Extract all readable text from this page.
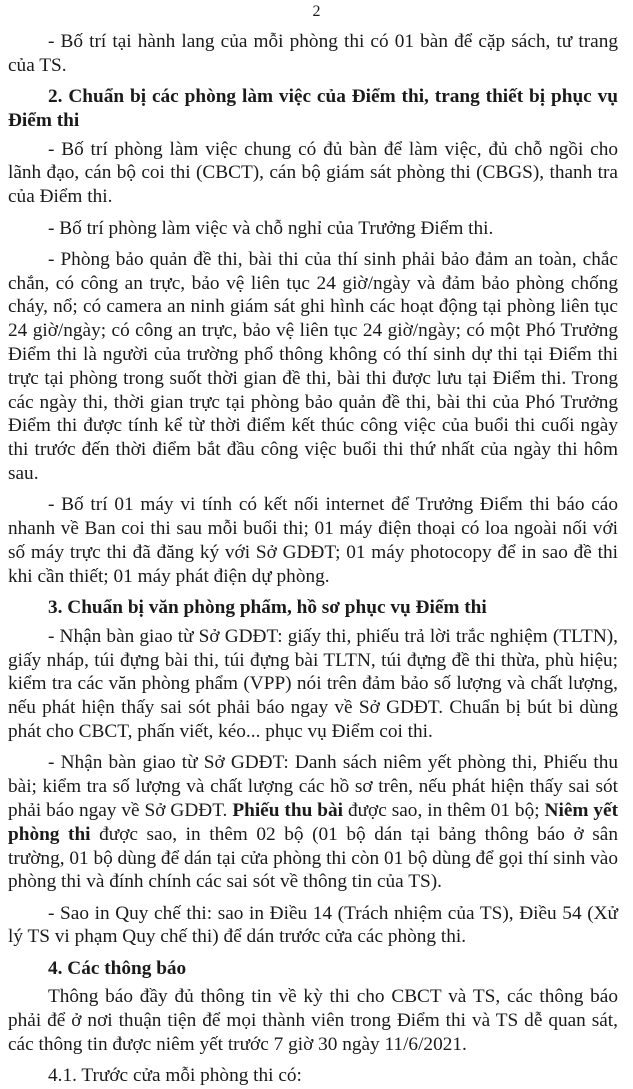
2

- Bố trí tại hành lang của mỗi phòng thi có 01 bàn để cặp sách, tư trang của TS.

2. Chuẩn bị các phòng làm việc của Điểm thi, trang thiết bị phục vụ Điểm thi

- Bố trí phòng làm việc chung có đủ bàn để làm việc, đủ chỗ ngồi cho lãnh đạo, cán bộ coi thi (CBCT), cán bộ giám sát phòng thi (CBGS), thanh tra của Điểm thi.

- Bố trí phòng làm việc và chỗ nghỉ của Trưởng Điểm thi.

- Phòng bảo quản đề thi, bài thi của thí sinh phải bảo đảm an toàn, chắc chắn, có công an trực, bảo vệ liên tục 24 giờ/ngày và đảm bảo phòng chống cháy, nổ; có camera an ninh giám sát ghi hình các hoạt động tại phòng liên tục 24 giờ/ngày; có công an trực, bảo vệ liên tục 24 giờ/ngày; có một Phó Trưởng Điểm thi là người của trường phổ thông không có thí sinh dự thi tại Điểm thi trực tại phòng trong suốt thời gian đề thi, bài thi được lưu tại Điểm thi. Trong các ngày thi, thời gian trực tại phòng bảo quản đề thi, bài thi của Phó Trưởng Điểm thi được tính kể từ thời điểm kết thúc công việc của buổi thi cuối ngày thi trước đến thời điểm bắt đầu công việc buổi thi thứ nhất của ngày thi hôm sau.

- Bố trí 01 máy vi tính có kết nối internet để Trưởng Điểm thi báo cáo nhanh về Ban coi thi sau mỗi buổi thi; 01 máy điện thoại có loa ngoài nối với số máy trực thi đã đăng ký với Sở GDĐT; 01 máy photocopy để in sao đề thi khi cần thiết; 01 máy phát điện dự phòng.

3. Chuẩn bị văn phòng phẩm, hồ sơ phục vụ Điểm thi

- Nhận bàn giao từ Sở GDĐT: giấy thi, phiếu trả lời trắc nghiệm (TLTN), giấy nháp, túi đựng bài thi, túi đựng bài TLTN, túi đựng đề thi thừa, phù hiệu; kiểm tra các văn phòng phẩm (VPP) nói trên đảm bảo số lượng và chất lượng, nếu phát hiện thấy sai sót phải báo ngay về Sở GDĐT. Chuẩn bị bút bi dùng phát cho CBCT, phấn viết, kéo... phục vụ Điểm coi thi.

- Nhận bàn giao từ Sở GDĐT: Danh sách niêm yết phòng thi, Phiếu thu bài; kiểm tra số lượng và chất lượng các hồ sơ trên, nếu phát hiện thấy sai sót phải báo ngay về Sở GDĐT. Phiếu thu bài được sao, in thêm 01 bộ; Niêm yết phòng thi được sao, in thêm 02 bộ (01 bộ dán tại bảng thông báo ở sân trường, 01 bộ dùng để dán tại cửa phòng thi còn 01 bộ dùng để gọi thí sinh vào phòng thi và đính chính các sai sót về thông tin của TS).

- Sao in Quy chế thi: sao in Điều 14 (Trách nhiệm của TS), Điều 54 (Xử lý TS vi phạm Quy chế thi) để dán trước cửa các phòng thi.

4. Các thông báo

Thông báo đầy đủ thông tin về kỳ thi cho CBCT và TS, các thông báo phải để ở nơi thuận tiện để mọi thành viên trong Điểm thi và TS dễ quan sát, các thông tin được niêm yết trước 7 giờ 30 ngày 11/6/2021.

4.1. Trước cửa mỗi phòng thi có:
